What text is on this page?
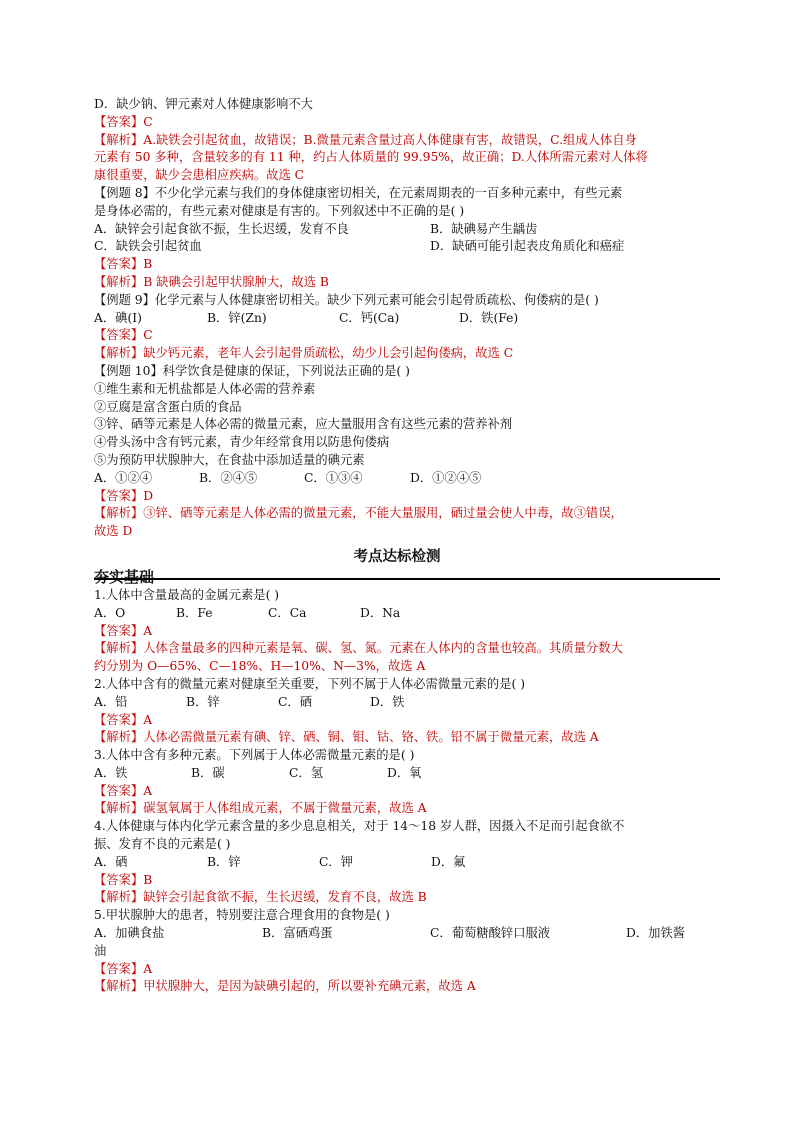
D．缺少钠、钾元素对人体健康影响不大
【答案】C
【解析】A.缺铁会引起贫血，故错误；B.微量元素含量过高人体健康有害，故错误，C.组成人体自身
元素有 50 多种，含量较多的有 11 种，约占人体质量的 99.95%，故正确；D.人体所需元素对人体将
康很重要，缺少会患相应疾病。故选 C
【例题 8】不少化学元素与我们的身体健康密切相关，在元素周期表的一百多种元素中，有些元素
是身体必需的，有些元素对健康是有害的。下列叙述中不正确的是( )
A．缺锌会引起食欲不振，生长迟缓，发育不良	B．缺碘易产生龋齿
C．缺铁会引起贫血	D．缺硒可能引起表皮角质化和癌症
【答案】B
【解析】B 缺碘会引起甲状腺肿大，故选 B
【例题 9】化学元素与人体健康密切相关。缺少下列元素可能会引起骨质疏松、佝偻病的是( )
A．碘(I)	B．锌(Zn)	C．钙(Ca)	D．铁(Fe)
【答案】C
【解析】缺少钙元素，老年人会引起骨质疏松，幼少儿会引起佝偻病，故选 C
【例题 10】科学饮食是健康的保证，下列说法正确的是( )
①维生素和无机盐都是人体必需的营养素
②豆腐是富含蛋白质的食品
③锌、硒等元素是人体必需的微量元素，应大量服用含有这些元素的营养补剂
④骨头汤中含有钙元素，青少年经常食用以防患佝偻病
⑤为预防甲状腺肿大，在食盐中添加适量的碘元素
A．①②④	B．②④⑤	C．①③④	D．①②④⑤
【答案】D
【解析】③锌、硒等元素是人体必需的微量元素，不能大量服用，硒过量会使人中毒，故③错误，
故选 D
考点达标检测
夯实基础
1.人体中含量最高的金属元素是( )
A．O	B．Fe	C．Ca	D．Na
【答案】A
【解析】人体含量最多的四种元素是氧、碳、氢、氮。元素在人体内的含量也较高。其质量分数大
约分别为 O—65%、C—18%、H—10%、N—3%，故选 A
2.人体中含有的微量元素对健康至关重要，下列不属于人体必需微量元素的是( )
A．铅	B．锌	C．硒	D．铁
【答案】A
【解析】人体必需微量元素有碘、锌、硒、铜、钼、钴、铬、铁。铅不属于微量元素，故选 A
3.人体中含有多种元素。下列属于人体必需微量元素的是( )
A．铁	B．碳	C．氢	D．氧
【答案】A
【解析】碳氢氧属于人体组成元素，不属于微量元素，故选 A
4.人体健康与体内化学元素含量的多少息息相关，对于 14～18 岁人群，因摄入不足而引起食欲不
振、发育不良的元素是( )
A．硒	B．锌	C．钾	D．氟
【答案】B
【解析】缺锌会引起食欲不振，生长迟缓，发育不良，故选 B
5.甲状腺肿大的患者，特别要注意合理食用的食物是( )
A．加碘食盐	B．富硒鸡蛋	C．葡萄糖酸锌口服液	D．加铁酱
油
【答案】A
【解析】甲状腺肿大，是因为缺碘引起的，所以要补充碘元素，故选 A
